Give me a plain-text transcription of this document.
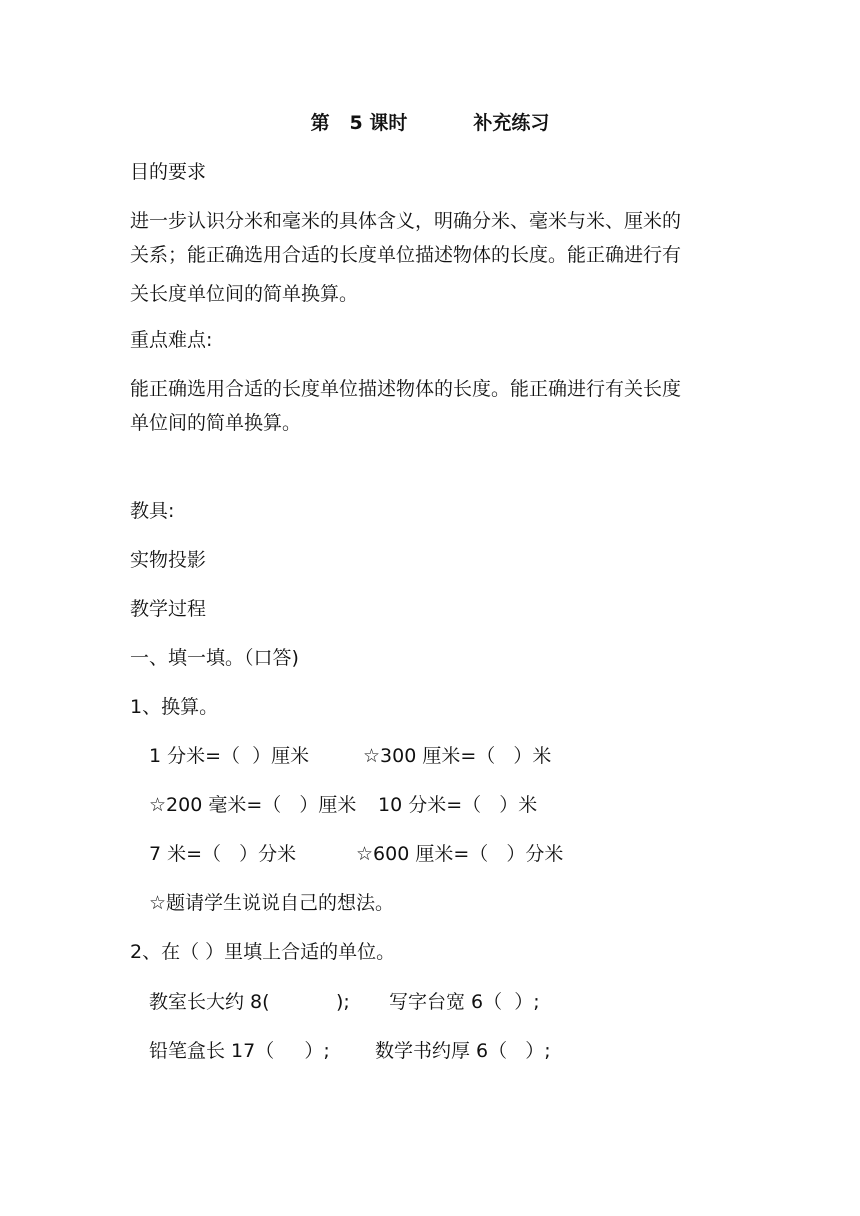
第   5 课时	补充练习
目的要求
进一步认识分米和毫米的具体含义，明确分米、毫米与米、厘米的
关系；能正确选用合适的长度单位描述物体的长度。能正确进行有
关长度单位间的简单换算。
重点难点:
能正确选用合适的长度单位描述物体的长度。能正确进行有关长度
单位间的简单换算。
教具:
实物投影
教学过程
一、填一填。（口答)
1、换算。
1 分米=（  ）厘米	☆300 厘米=（   ）米
☆200 毫米=（   ）厘米 10 分米=（   ）米
7 米=（   ）分米	☆600 厘米=（   ）分米
☆题请学生说说自己的想法。
2、在（ ）里填上合适的单位。
教室长大约 8(           ); 写字台宽 6（  ）;
铅笔盒长 17（     ）; 数学书约厚 6（   ）;
